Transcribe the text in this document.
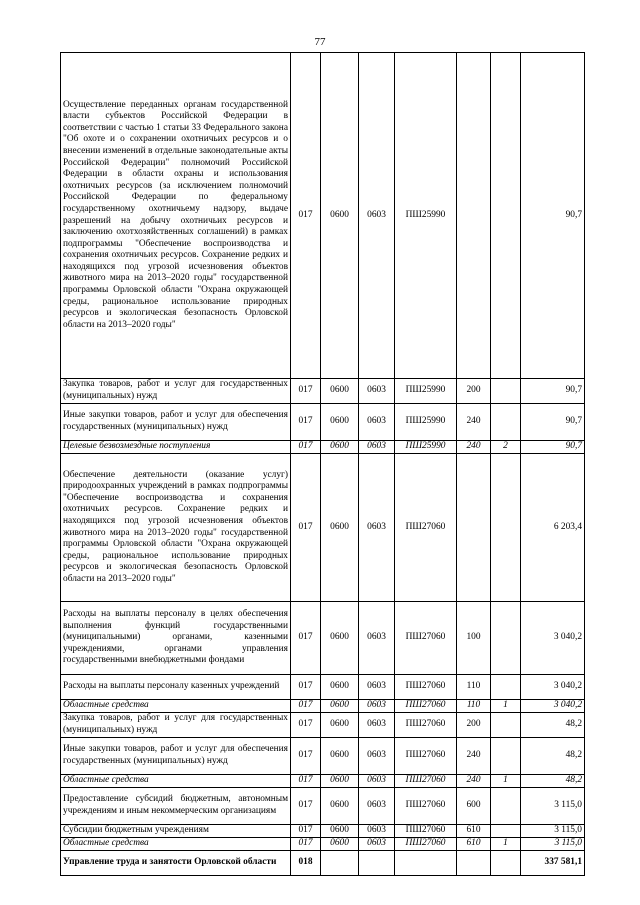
77
Осуществление переданных органам государственной власти субъектов Российской Федерации в соответствии с частью 1 статьи 33 Федерального закона "Об охоте и о сохранении охотничьих ресурсов и о внесении изменений в отдельные законодательные акты Российской Федерации" полномочий Российской Федерации в области охраны и использования охотничьих ресурсов (за исключением полномочий Российской Федерации по федеральному государственному охотничьему надзору, выдаче разрешений на добычу охотничьих ресурсов и заключению охотхозяйственных соглашений) в рамках подпрограммы "Обеспечение воспроизводства и сохранения охотничьих ресурсов. Сохранение редких и находящихся под угрозой исчезновения объектов животного мира на 2013–2020 годы" государственной программы Орловской области "Охрана окружающей среды, рациональное использование природных ресурсов и экологическая безопасность Орловской области на 2013–2020 годы"	017	0600	0603	ПШ25990			90,7
Закупка товаров, работ и услуг для государственных (муниципальных) нужд	017	0600	0603	ПШ25990	200		90,7
Иные закупки товаров, работ и услуг для обеспечения государственных (муниципальных) нужд	017	0600	0603	ПШ25990	240		90,7
Целевые безвозмездные поступления	017	0600	0603	ПШ25990	240	2	90,7
Обеспечение деятельности (оказание услуг) природоохранных учреждений в рамках подпрограммы "Обеспечение воспроизводства и сохранения охотничьих ресурсов. Сохранение редких и находящихся под угрозой исчезновения объектов животного мира на 2013–2020 годы" государственной программы Орловской области "Охрана окружающей среды, рациональное использование природных ресурсов и экологическая безопасность Орловской области на 2013–2020 годы"	017	0600	0603	ПШ27060			6 203,4
Расходы на выплаты персоналу в целях обеспечения выполнения функций государственными (муниципальными) органами, казенными учреждениями, органами управления государственными внебюджетными фондами	017	0600	0603	ПШ27060	100		3 040,2
Расходы на выплаты персоналу казенных учреждений	017	0600	0603	ПШ27060	110		3 040,2
Областные средства	017	0600	0603	ПШ27060	110	1	3 040,2
Закупка товаров, работ и услуг для государственных (муниципальных) нужд	017	0600	0603	ПШ27060	200		48,2
Иные закупки товаров, работ и услуг для обеспечения государственных (муниципальных) нужд	017	0600	0603	ПШ27060	240		48,2
Областные средства	017	0600	0603	ПШ27060	240	1	48,2
Предоставление субсидий бюджетным, автономным учреждениям и иным некоммерческим организациям	017	0600	0603	ПШ27060	600		3 115,0
Субсидии бюджетным учреждениям	017	0600	0603	ПШ27060	610		3 115,0
Областные средства	017	0600	0603	ПШ27060	610	1	3 115,0
Управление труда и занятости Орловской области	018						337 581,1
